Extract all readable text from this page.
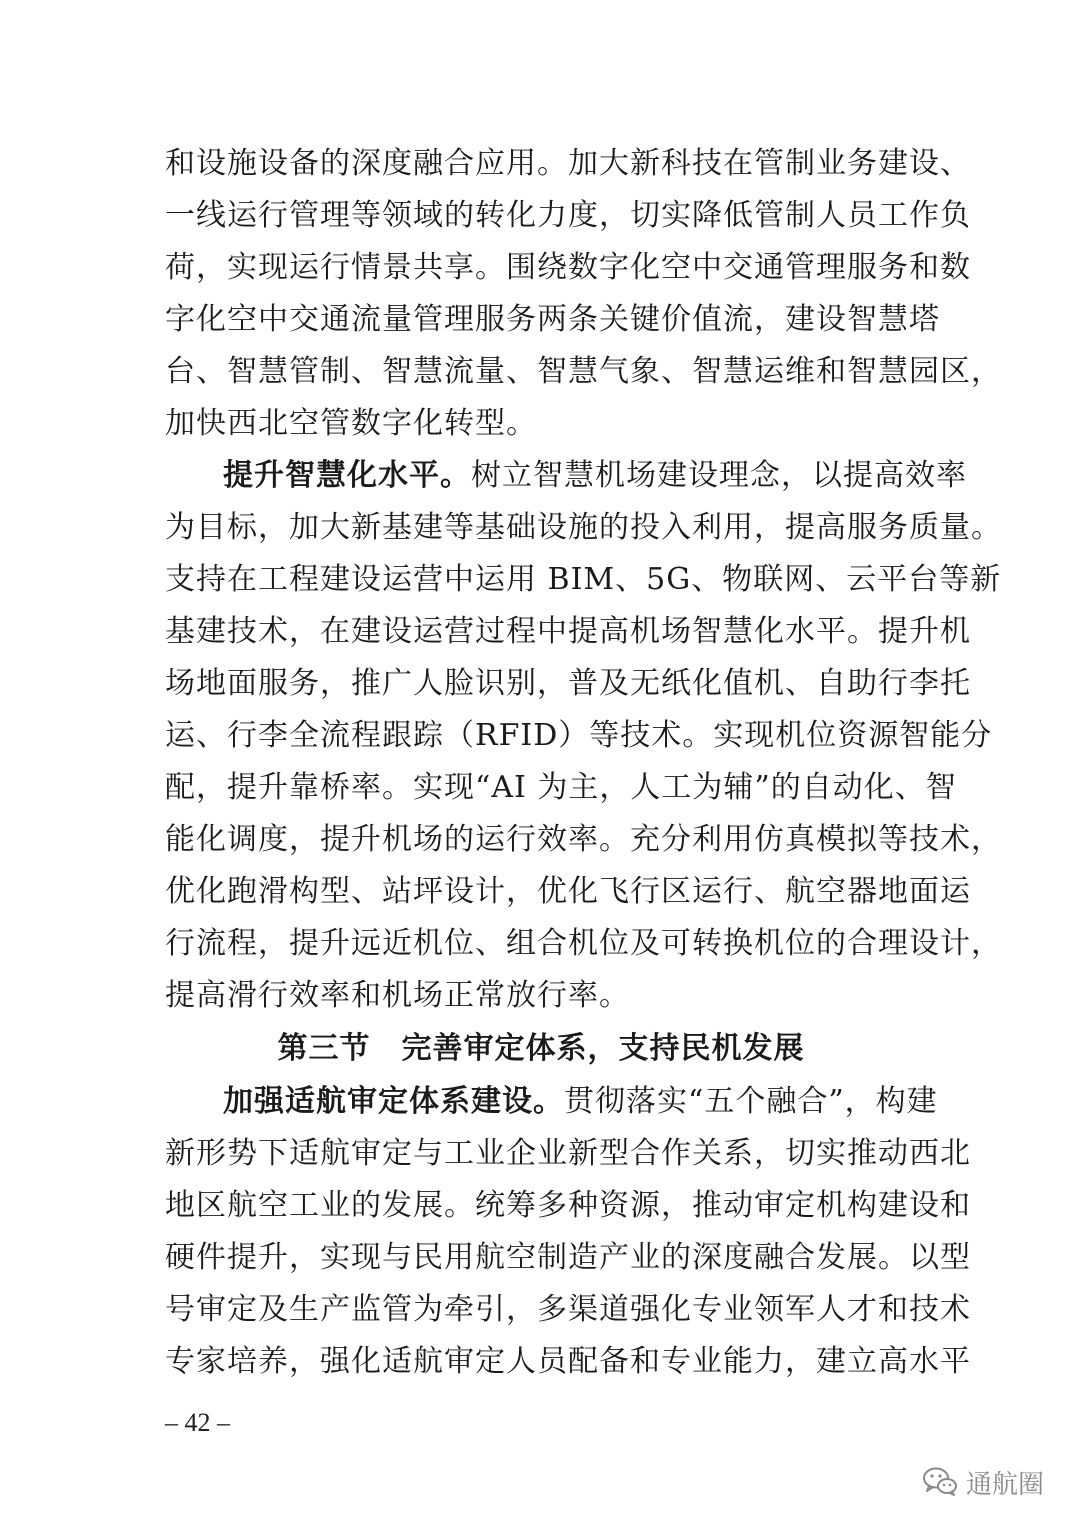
和设施设备的深度融合应用。加大新科技在管制业务建设、

一线运行管理等领域的转化力度，切实降低管制人员工作负

荷，实现运行情景共享。围绕数字化空中交通管理服务和数

字化空中交通流量管理服务两条关键价值流，建设智慧塔

台、智慧管制、智慧流量、智慧气象、智慧运维和智慧园区，

加快西北空管数字化转型。

提升智慧化水平。树立智慧机场建设理念，以提高效率

为目标，加大新基建等基础设施的投入利用，提高服务质量。

支持在工程建设运营中运用 BIM、5G、物联网、云平台等新

基建技术，在建设运营过程中提高机场智慧化水平。提升机

场地面服务，推广人脸识别，普及无纸化值机、自助行李托

运、行李全流程跟踪（RFID）等技术。实现机位资源智能分

配，提升靠桥率。实现“AI 为主，人工为辅”的自动化、智

能化调度，提升机场的运行效率。充分利用仿真模拟等技术，

优化跑滑构型、站坪设计，优化飞行区运行、航空器地面运

行流程，提升远近机位、组合机位及可转换机位的合理设计，

提高滑行效率和机场正常放行率。

第三节　完善审定体系，支持民机发展

加强适航审定体系建设。贯彻落实“五个融合”，构建

新形势下适航审定与工业企业新型合作关系，切实推动西北

地区航空工业的发展。统筹多种资源，推动审定机构建设和

硬件提升，实现与民用航空制造产业的深度融合发展。以型

号审定及生产监管为牵引，多渠道强化专业领军人才和技术

专家培养，强化适航审定人员配备和专业能力，建立高水平

– 42 –
通航圈
